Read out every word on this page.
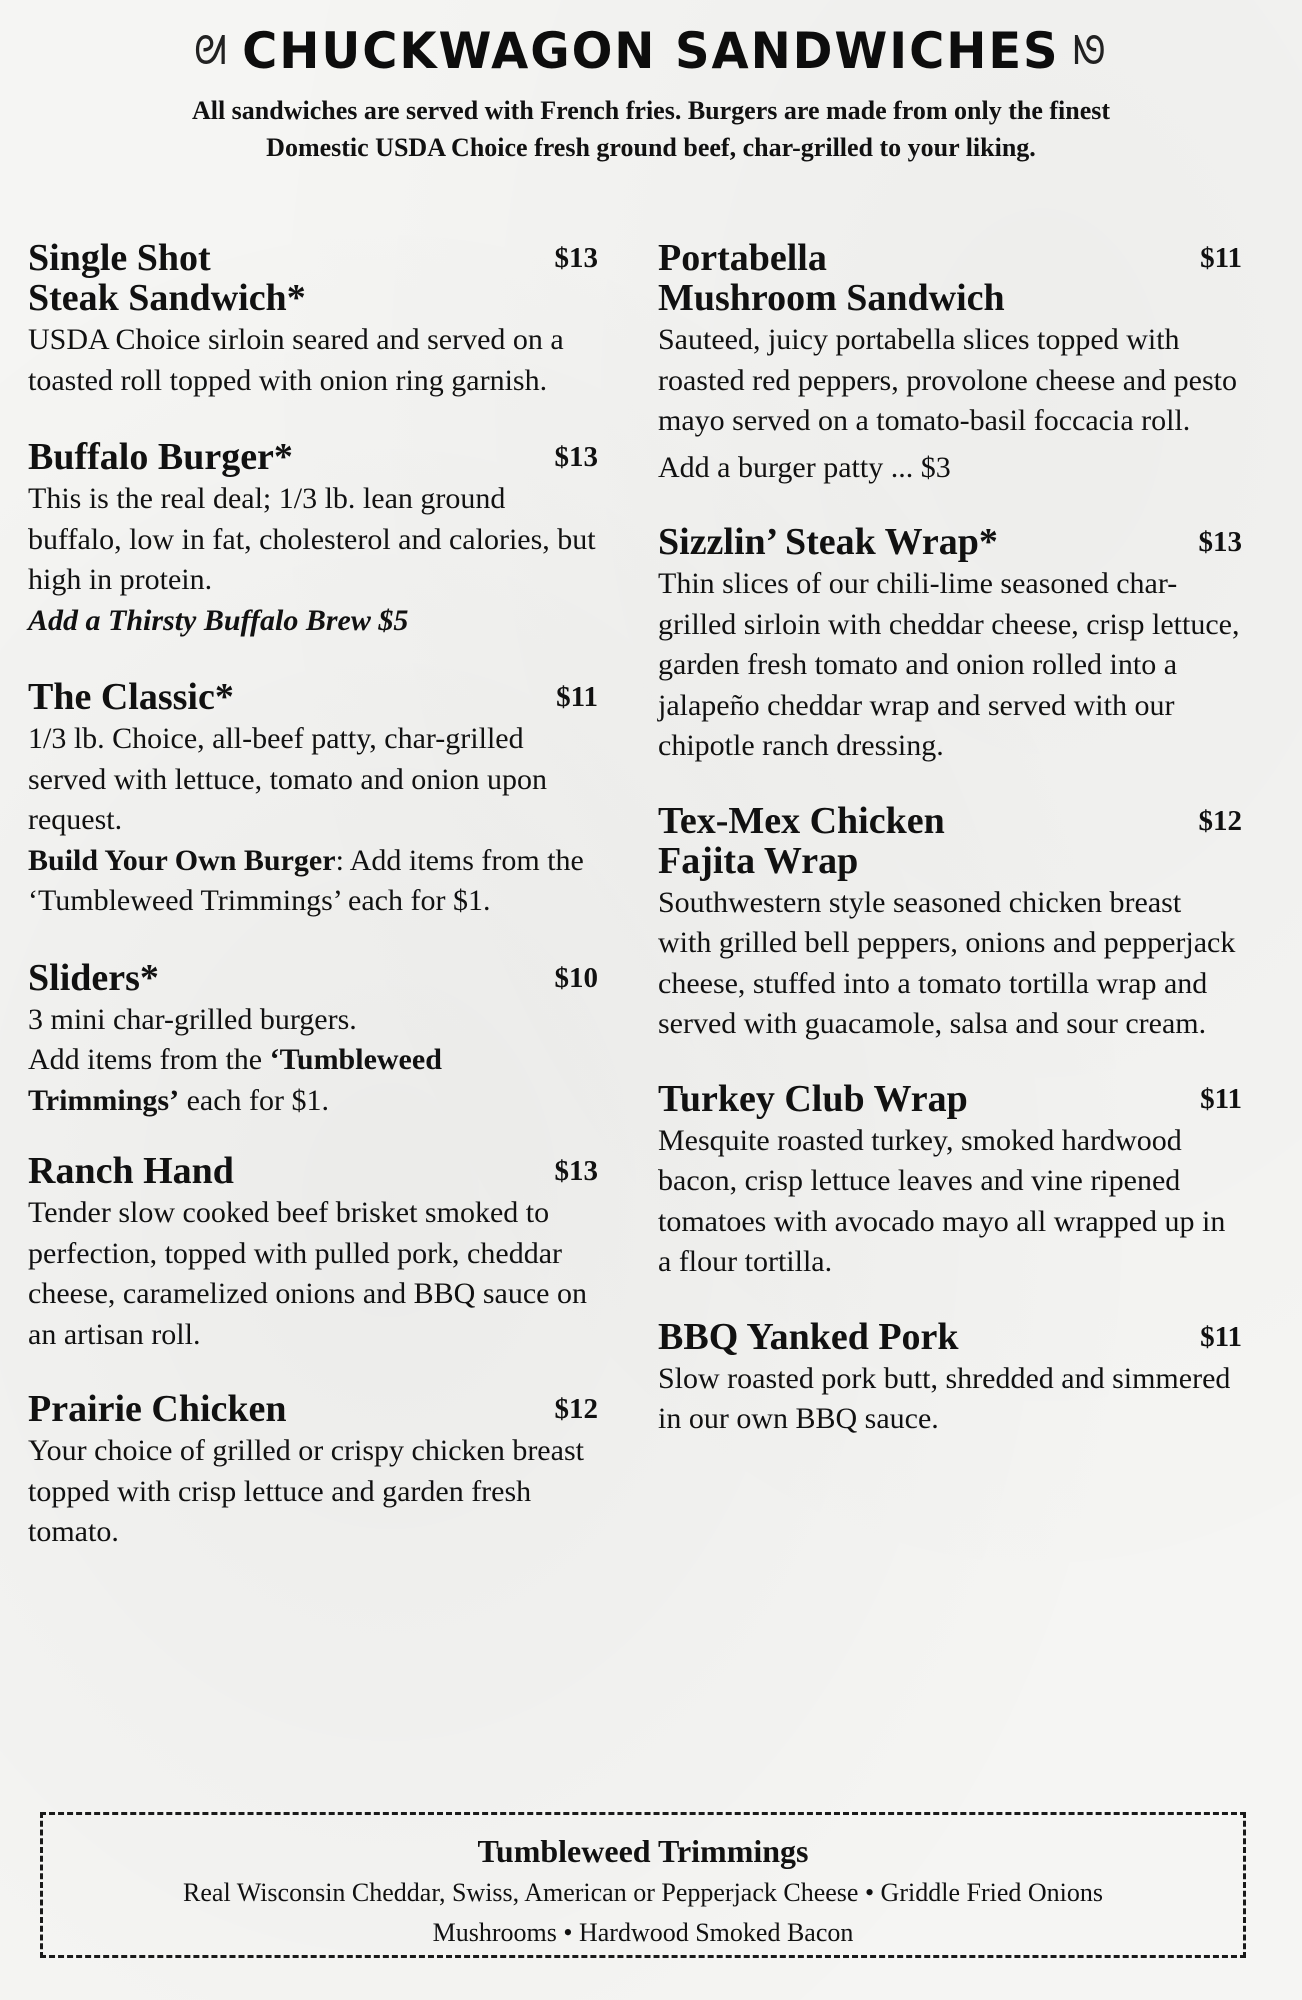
ᘛ CHUCKWAGON SANDWICHES ᘚ
All sandwiches are served with French fries. Burgers are made from only the finest
Domestic USDA Choice fresh ground beef, char-grilled to your liking.
Single Shot
Steak Sandwich*
$13
USDA Choice sirloin seared and served on a toasted roll topped with onion ring garnish.
Buffalo Burger*	$13
This is the real deal; 1/3 lb. lean ground buffalo, low in fat, cholesterol and calories, but high in protein.
Add a Thirsty Buffalo Brew $5
The Classic*	$11
1/3 lb. Choice, all-beef patty, char-grilled served with lettuce, tomato and onion upon request.
Build Your Own Burger: Add items from the ‘Tumbleweed Trimmings’ each for $1.
Sliders*	$10
3 mini char-grilled burgers.
Add items from the ‘Tumbleweed Trimmings’ each for $1.
Ranch Hand	$13
Tender slow cooked beef brisket smoked to perfection, topped with pulled pork, cheddar cheese, caramelized onions and BBQ sauce on an artisan roll.
Prairie Chicken	$12
Your choice of grilled or crispy chicken breast topped with crisp lettuce and garden fresh tomato.
Portabella
Mushroom Sandwich
$11
Sauteed, juicy portabella slices topped with roasted red peppers, provolone cheese and pesto mayo served on a tomato-basil foccacia roll.
Add a burger patty ... $3
Sizzlin’ Steak Wrap*	$13
Thin slices of our chili-lime seasoned char-grilled sirloin with cheddar cheese, crisp lettuce, garden fresh tomato and onion rolled into a jalapeño cheddar wrap and served with our chipotle ranch dressing.
Tex-Mex Chicken
Fajita Wrap
$12
Southwestern style seasoned chicken breast with grilled bell peppers, onions and pepperjack cheese, stuffed into a tomato tortilla wrap and served with guacamole, salsa and sour cream.
Turkey Club Wrap	$11
Mesquite roasted turkey, smoked hardwood bacon, crisp lettuce leaves and vine ripened tomatoes with avocado mayo all wrapped up in a flour tortilla.
BBQ Yanked Pork	$11
Slow roasted pork butt, shredded and simmered in our own BBQ sauce.
Tumbleweed Trimmings
Real Wisconsin Cheddar, Swiss, American or Pepperjack Cheese • Griddle Fried Onions
Mushrooms • Hardwood Smoked Bacon
